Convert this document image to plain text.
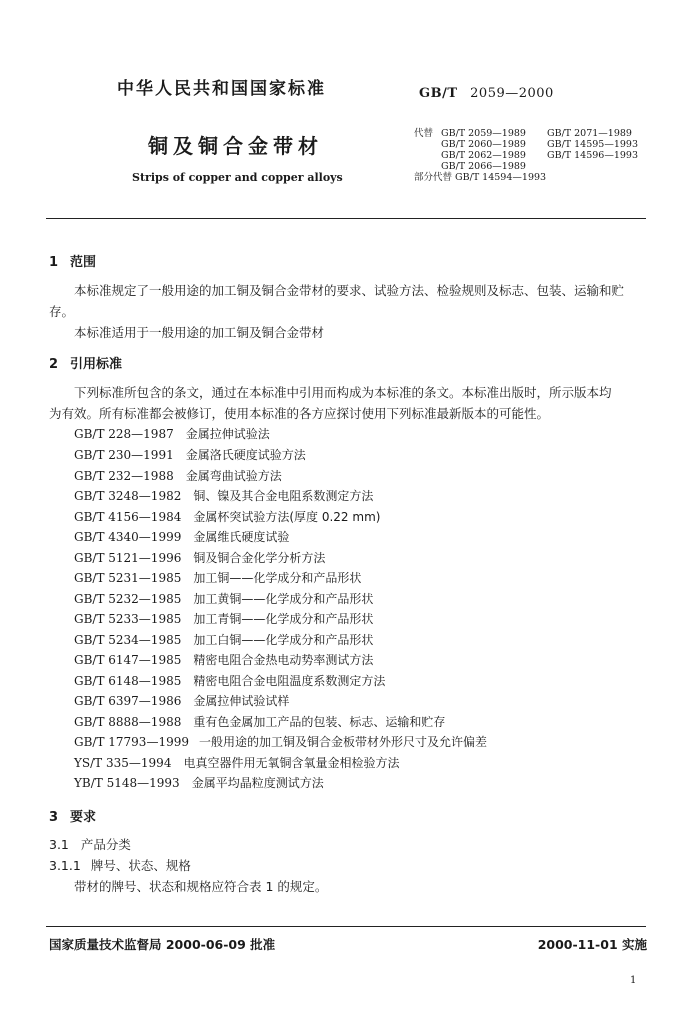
中华人民共和国国家标准	GB/T 2059—2000
铜及铜合金带材
Strips of copper and copper alloys
代替 GB/T 2059—1989 GB/T 2071—1989
GB/T 2060—1989 GB/T 14595—1993
GB/T 2062—1989 GB/T 14596—1993
GB/T 2066—1989
部分代替 GB/T 14594—1993
1 范围
本标准规定了一般用途的加工铜及铜合金带材的要求、试验方法、检验规则及标志、包装、运输和贮
存。
本标准适用于一般用途的加工铜及铜合金带材
2 引用标准
下列标准所包含的条文，通过在本标准中引用而构成为本标准的条文。本标准出版时，所示版本均
为有效。所有标准都会被修订，使用本标准的各方应探讨使用下列标准最新版本的可能性。
GB/T 228—1987 金属拉伸试验法
GB/T 230—1991 金属洛氏硬度试验方法
GB/T 232—1988 金属弯曲试验方法
GB/T 3248—1982 铜、镍及其合金电阻系数测定方法
GB/T 4156—1984 金属杯突试验方法(厚度 0.22 mm)
GB/T 4340—1999 金属维氏硬度试验
GB/T 5121—1996 铜及铜合金化学分析方法
GB/T 5231—1985 加工铜——化学成分和产品形状
GB/T 5232—1985 加工黄铜——化学成分和产品形状
GB/T 5233—1985 加工青铜——化学成分和产品形状
GB/T 5234—1985 加工白铜——化学成分和产品形状
GB/T 6147—1985 精密电阻合金热电动势率测试方法
GB/T 6148—1985 精密电阻合金电阻温度系数测定方法
GB/T 6397—1986 金属拉伸试验试样
GB/T 8888—1988 重有色金属加工产品的包装、标志、运输和贮存
GB/T 17793—1999 一般用途的加工铜及铜合金板带材外形尺寸及允许偏差
YS/T 335—1994 电真空器件用无氧铜含氧量金相检验方法
YB/T 5148—1993 金属平均晶粒度测试方法
3 要求
3.1 产品分类
3.1.1 牌号、状态、规格
带材的牌号、状态和规格应符合表 1 的规定。
国家质量技术监督局 2000-06-09 批准	2000-11-01 实施
1
